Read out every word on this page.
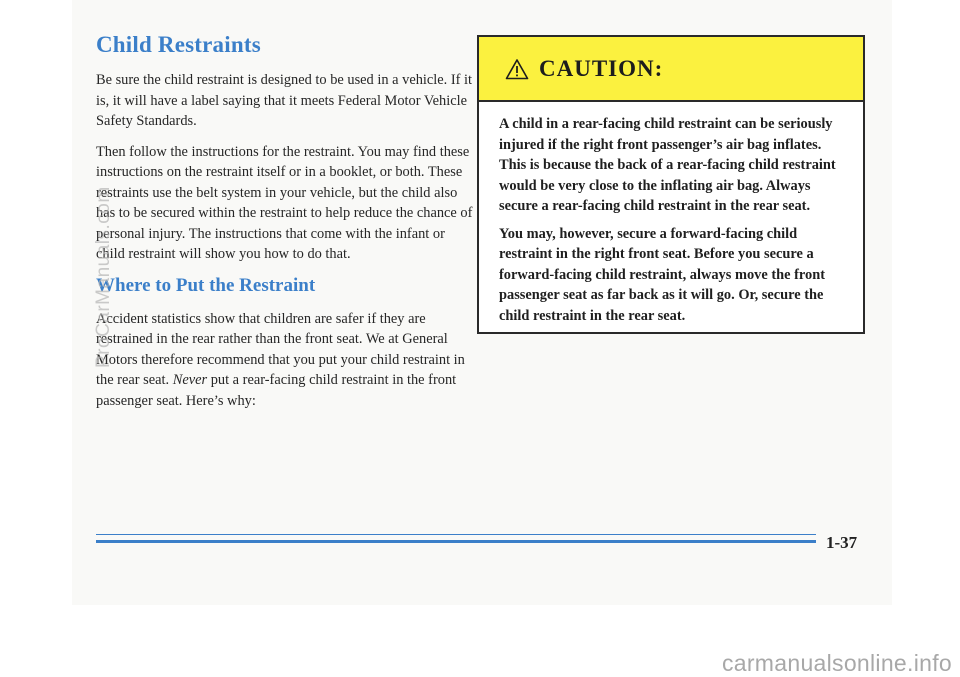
Child Restraints

Be sure the child restraint is designed to be used in a vehicle. If it is, it will have a label saying that it meets Federal Motor Vehicle Safety Standards.

Then follow the instructions for the restraint. You may find these instructions on the restraint itself or in a booklet, or both. These restraints use the belt system in your vehicle, but the child also has to be secured within the restraint to help reduce the chance of personal injury. The instructions that come with the infant or child restraint will show you how to do that.

Where to Put the Restraint

Accident statistics show that children are safer if they are restrained in the rear rather than the front seat. We at General Motors therefore recommend that you put your child restraint in the rear seat. Never put a rear-facing child restraint in the front passenger seat. Here’s why:

CAUTION:

A child in a rear-facing child restraint can be seriously injured if the right front passenger’s air bag inflates. This is because the back of a rear-facing child restraint would be very close to the inflating air bag. Always secure a rear-facing child restraint in the rear seat.

You may, however, secure a forward-facing child restraint in the right front seat. Before you secure a forward-facing child restraint, always move the front passenger seat as far back as it will go. Or, secure the child restraint in the rear seat.

1-37
ProCarManuals.com
carmanualsonline.info
